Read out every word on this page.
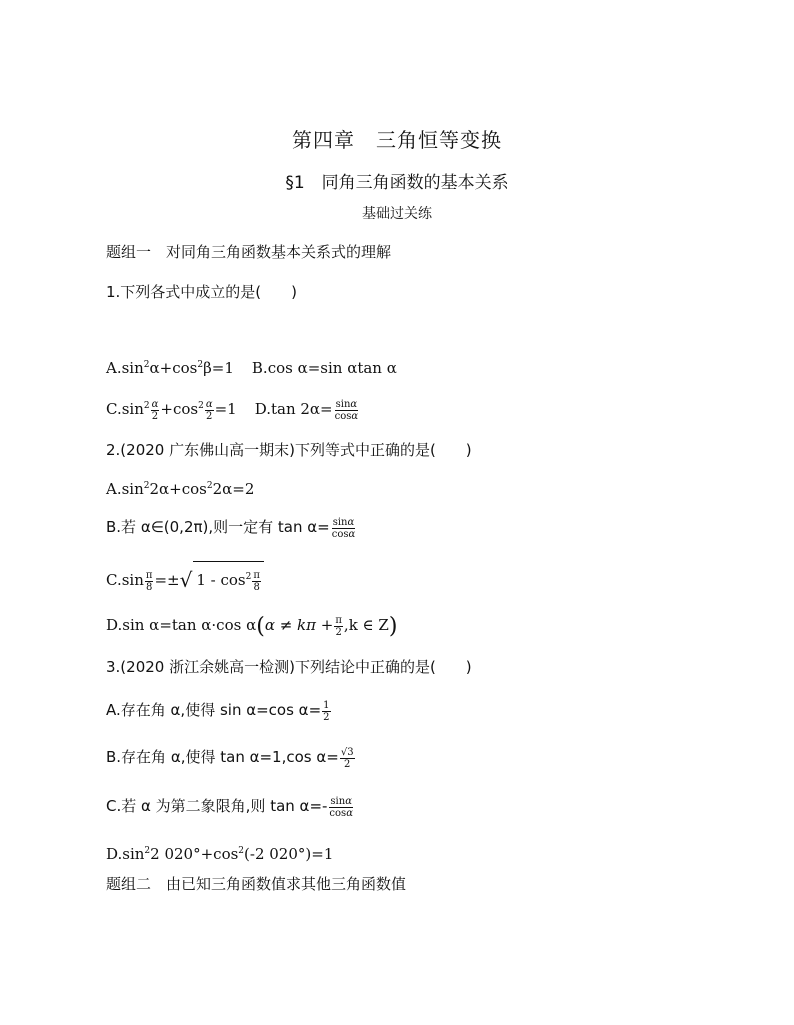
第四章　三角恒等变换
§1　同角三角函数的基本关系
基础过关练
题组一　对同角三角函数基本关系式的理解
1.下列各式中成立的是(　　)
$A.\sin^2\alpha+\cos^2\beta=1$ B.cos α=sin αtan α
$C.\sin^2 \frac{\alpha}{2} +\cos^2 \frac{\alpha}{2} =1$ D.tan $2\alpha= \frac{\sin\alpha}{\cos\alpha}$
2.(2020 广东佛山高一期末)下列等式中正确的是(　　)
$A.\sin^22\alpha+\cos^22\alpha=2$
B.若 α∈(0,2π),则一定有 $\tan \alpha= \frac{\sin\alpha}{\cos\alpha}$
$C.\sin \frac{\pi}{8}$ =±√ $1 - \cos^2 \frac{\pi}{8}$
D.sin α=tan α·cos $\alpha(\alpha \ne k\pi + \frac{\pi}{2} ,k$ ∈ Z)
3.(2020 浙江余姚高一检测)下列结论中正确的是(　　)
A.存在角 α,使得 sin α=cos $\alpha= \frac{1}{2}$
B.存在角 α,使得 tan α=1,cos $\alpha= \frac{√3}{2}$
C.若 α 为第二象限角,则 $\tan \alpha=- \frac{\sin\alpha}{\cos\alpha}$
$D.\sin^22$ $020^\circ+\cos^2(-2$ 020°)=1
题组二　由已知三角函数值求其他三角函数值
